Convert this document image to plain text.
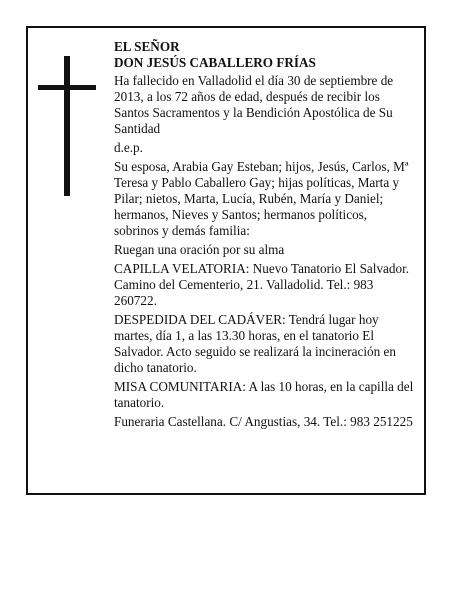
EL SEÑOR

DON JESÚS CABALLERO FRÍAS

Ha fallecido en Valladolid el día 30 de septiembre de 2013, a los 72 años de edad, después de recibir los Santos Sacramentos y la Bendición Apostólica de Su Santidad

d.e.p.

Su esposa, Arabia Gay Esteban; hijos, Jesús, Carlos, Mª Teresa y Pablo Caballero Gay; hijas políticas, Marta y Pilar; nietos, Marta, Lucía, Rubén, María y Daniel; hermanos, Nieves y Santos; hermanos políticos, sobrinos y demás familia:

Ruegan una oración por su alma

CAPILLA VELATORIA: Nuevo Tanatorio El Salvador. Camino del Cementerio, 21. Valladolid. Tel.: 983 260722.

DESPEDIDA DEL CADÁVER: Tendrá lugar hoy martes, día 1, a las 13.30 horas, en el tanatorio El Salvador. Acto seguido se realizará la incineración en dicho tanatorio.

MISA COMUNITARIA: A las 10 horas, en la capilla del tanatorio.

Funeraria Castellana. C/ Angustias, 34. Tel.: 983 251225
